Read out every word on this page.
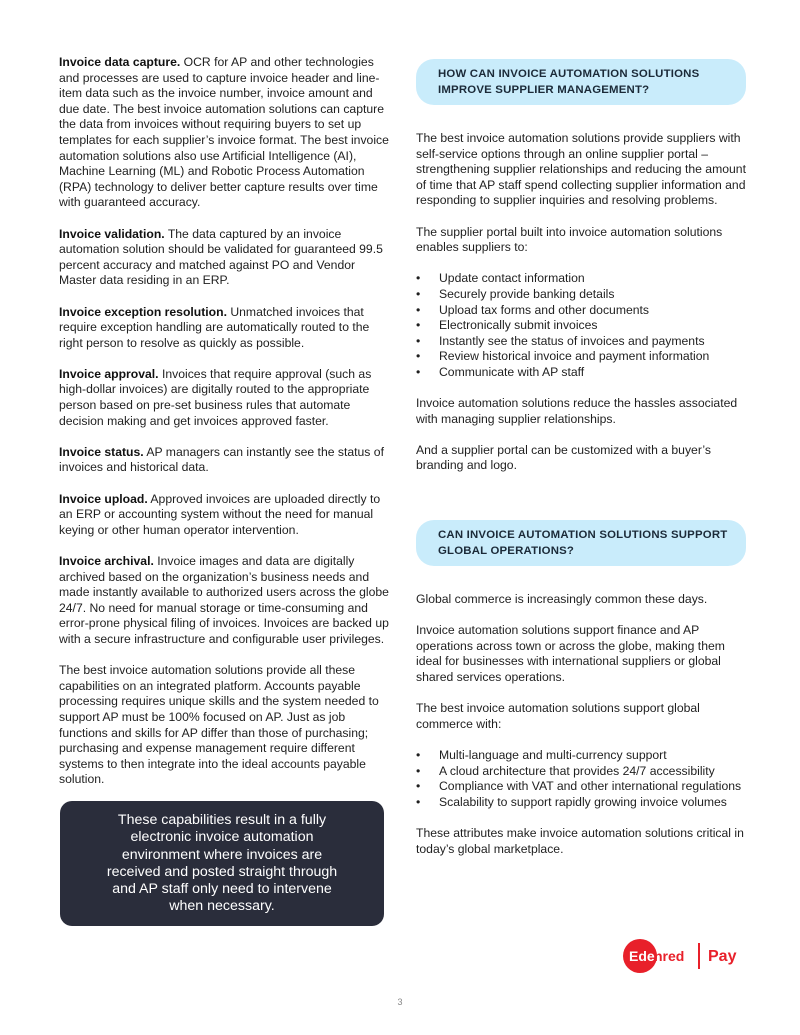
Invoice data capture. OCR for AP and other technologies and processes are used to capture invoice header and line-item data such as the invoice number, invoice amount and due date. The best invoice automation solutions can capture the data from invoices without requiring buyers to set up templates for each supplier’s invoice format. The best invoice automation solutions also use Artificial Intelligence (AI), Machine Learning (ML) and Robotic Process Automation (RPA) technology to deliver better capture results over time with guaranteed accuracy.

Invoice validation. The data captured by an invoice automation solution should be validated for guaranteed 99.5 percent accuracy and matched against PO and Vendor Master data residing in an ERP.

Invoice exception resolution. Unmatched invoices that require exception handling are automatically routed to the right person to resolve as quickly as possible.

Invoice approval. Invoices that require approval (such as high-dollar invoices) are digitally routed to the appropriate person based on pre-set business rules that automate decision making and get invoices approved faster.

Invoice status. AP managers can instantly see the status of invoices and historical data.

Invoice upload. Approved invoices are uploaded directly to an ERP or accounting system without the need for manual keying or other human operator intervention.

Invoice archival. Invoice images and data are digitally archived based on the organization’s business needs and made instantly available to authorized users across the globe 24/7. No need for manual storage or time-consuming and error-prone physical filing of invoices. Invoices are backed up with a secure infrastructure and configurable user privileges.

The best invoice automation solutions provide all these capabilities on an integrated platform. Accounts payable processing requires unique skills and the system needed to support AP must be 100% focused on AP. Just as job functions and skills for AP differ than those of purchasing; purchasing and expense management require different systems to then integrate into the ideal accounts payable solution.

These capabilities result in a fully electronic invoice automation environment where invoices are received and posted straight through and AP staff only need to intervene when necessary.
HOW CAN INVOICE AUTOMATION SOLUTIONS IMPROVE SUPPLIER MANAGEMENT?

The best invoice automation solutions provide suppliers with self-service options through an online supplier portal – strengthening supplier relationships and reducing the amount of time that AP staff spend collecting supplier information and responding to supplier inquiries and resolving problems.

The supplier portal built into invoice automation solutions enables suppliers to:

• Update contact information
• Securely provide banking details
• Upload tax forms and other documents
• Electronically submit invoices
• Instantly see the status of invoices and payments
• Review historical invoice and payment information
• Communicate with AP staff

Invoice automation solutions reduce the hassles associated with managing supplier relationships.

And a supplier portal can be customized with a buyer’s branding and logo.

CAN INVOICE AUTOMATION SOLUTIONS SUPPORT GLOBAL OPERATIONS?

Global commerce is increasingly common these days.

Invoice automation solutions support finance and AP operations across town or across the globe, making them ideal for businesses with international suppliers or global shared services operations.

The best invoice automation solutions support global commerce with:

• Multi-language and multi-currency support
• A cloud architecture that provides 24/7 accessibility
• Compliance with VAT and other international regulations
• Scalability to support rapidly growing invoice volumes

These attributes make invoice automation solutions critical in today’s global marketplace.

Ede nred Pay
3
